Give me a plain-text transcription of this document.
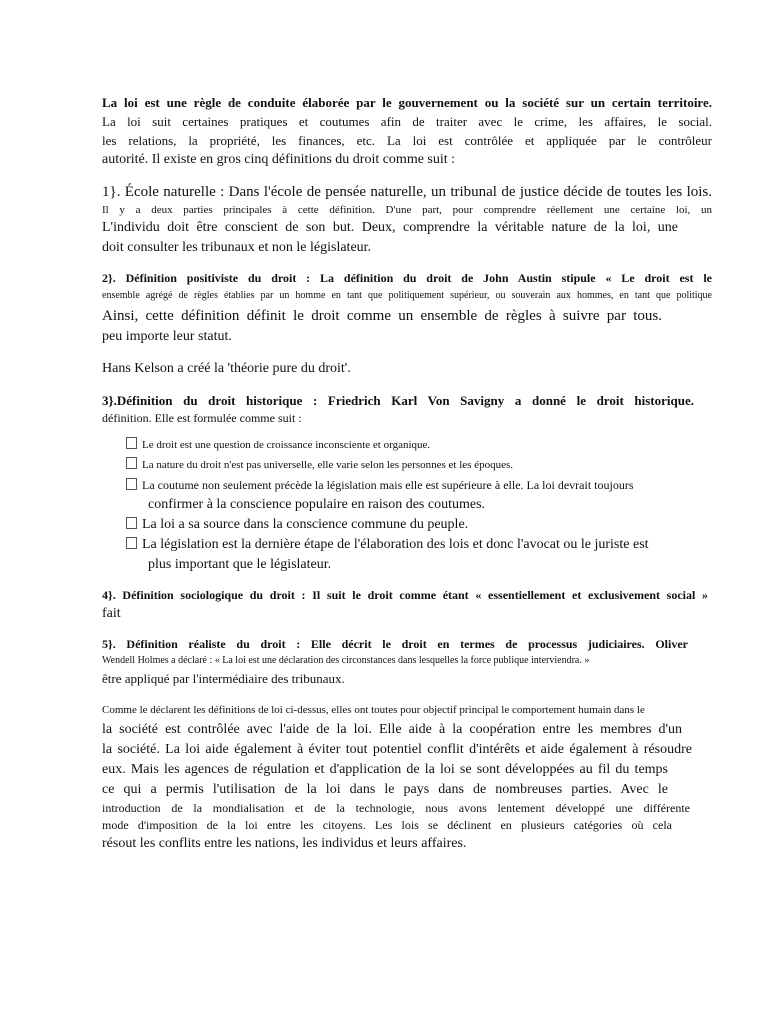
La loi est une règle de conduite élaborée par le gouvernement ou la société sur un certain territoire.
La loi suit certaines pratiques et coutumes afin de traiter avec le crime, les affaires, le social.
les relations, la propriété, les finances, etc. La loi est contrôlée et appliquée par le contrôleur
autorité. Il existe en gros cinq définitions du droit comme suit :
1}. École naturelle : Dans l'école de pensée naturelle, un tribunal de justice décide de toutes les lois.
Il y a deux parties principales à cette définition. D'une part, pour comprendre réellement une certaine loi, un
L'individu doit être conscient de son but. Deux, comprendre la véritable nature de la loi, une
doit consulter les tribunaux et non le législateur.
2}. Définition positiviste du droit : La définition du droit de John Austin stipule « Le droit est le
ensemble agrégé de règles établies par un homme en tant que politiquement supérieur, ou souverain aux hommes, en tant que politique
Ainsi, cette définition définit le droit comme un ensemble de règles à suivre par tous.
peu importe leur statut.
Hans Kelson a créé la 'théorie pure du droit'.
3}.Définition du droit historique : Friedrich Karl Von Savigny a donné le droit historique.
définition. Elle est formulée comme suit :
Le droit est une question de croissance inconsciente et organique.
La nature du droit n'est pas universelle, elle varie selon les personnes et les époques.
La coutume non seulement précède la législation mais elle est supérieure à elle. La loi devrait toujours
confirmer à la conscience populaire en raison des coutumes.
La loi a sa source dans la conscience commune du peuple.
La législation est la dernière étape de l'élaboration des lois et donc l'avocat ou le juriste est
plus important que le législateur.
4}. Définition sociologique du droit : Il suit le droit comme étant « essentiellement et exclusivement social »
fait
5}. Définition réaliste du droit : Elle décrit le droit en termes de processus judiciaires. Oliver
Wendell Holmes a déclaré : « La loi est une déclaration des circonstances dans lesquelles la force publique interviendra. »
être appliqué par l'intermédiaire des tribunaux.
Comme le déclarent les définitions de loi ci-dessus, elles ont toutes pour objectif principal le comportement humain dans le
la société est contrôlée avec l'aide de la loi. Elle aide à la coopération entre les membres d'un
la société. La loi aide également à éviter tout potentiel conflit d'intérêts et aide également à résoudre
eux. Mais les agences de régulation et d'application de la loi se sont développées au fil du temps
ce qui a permis l'utilisation de la loi dans le pays dans de nombreuses parties. Avec le
introduction de la mondialisation et de la technologie, nous avons lentement développé une différente
mode d'imposition de la loi entre les citoyens. Les lois se déclinent en plusieurs catégories où cela
résout les conflits entre les nations, les individus et leurs affaires.
